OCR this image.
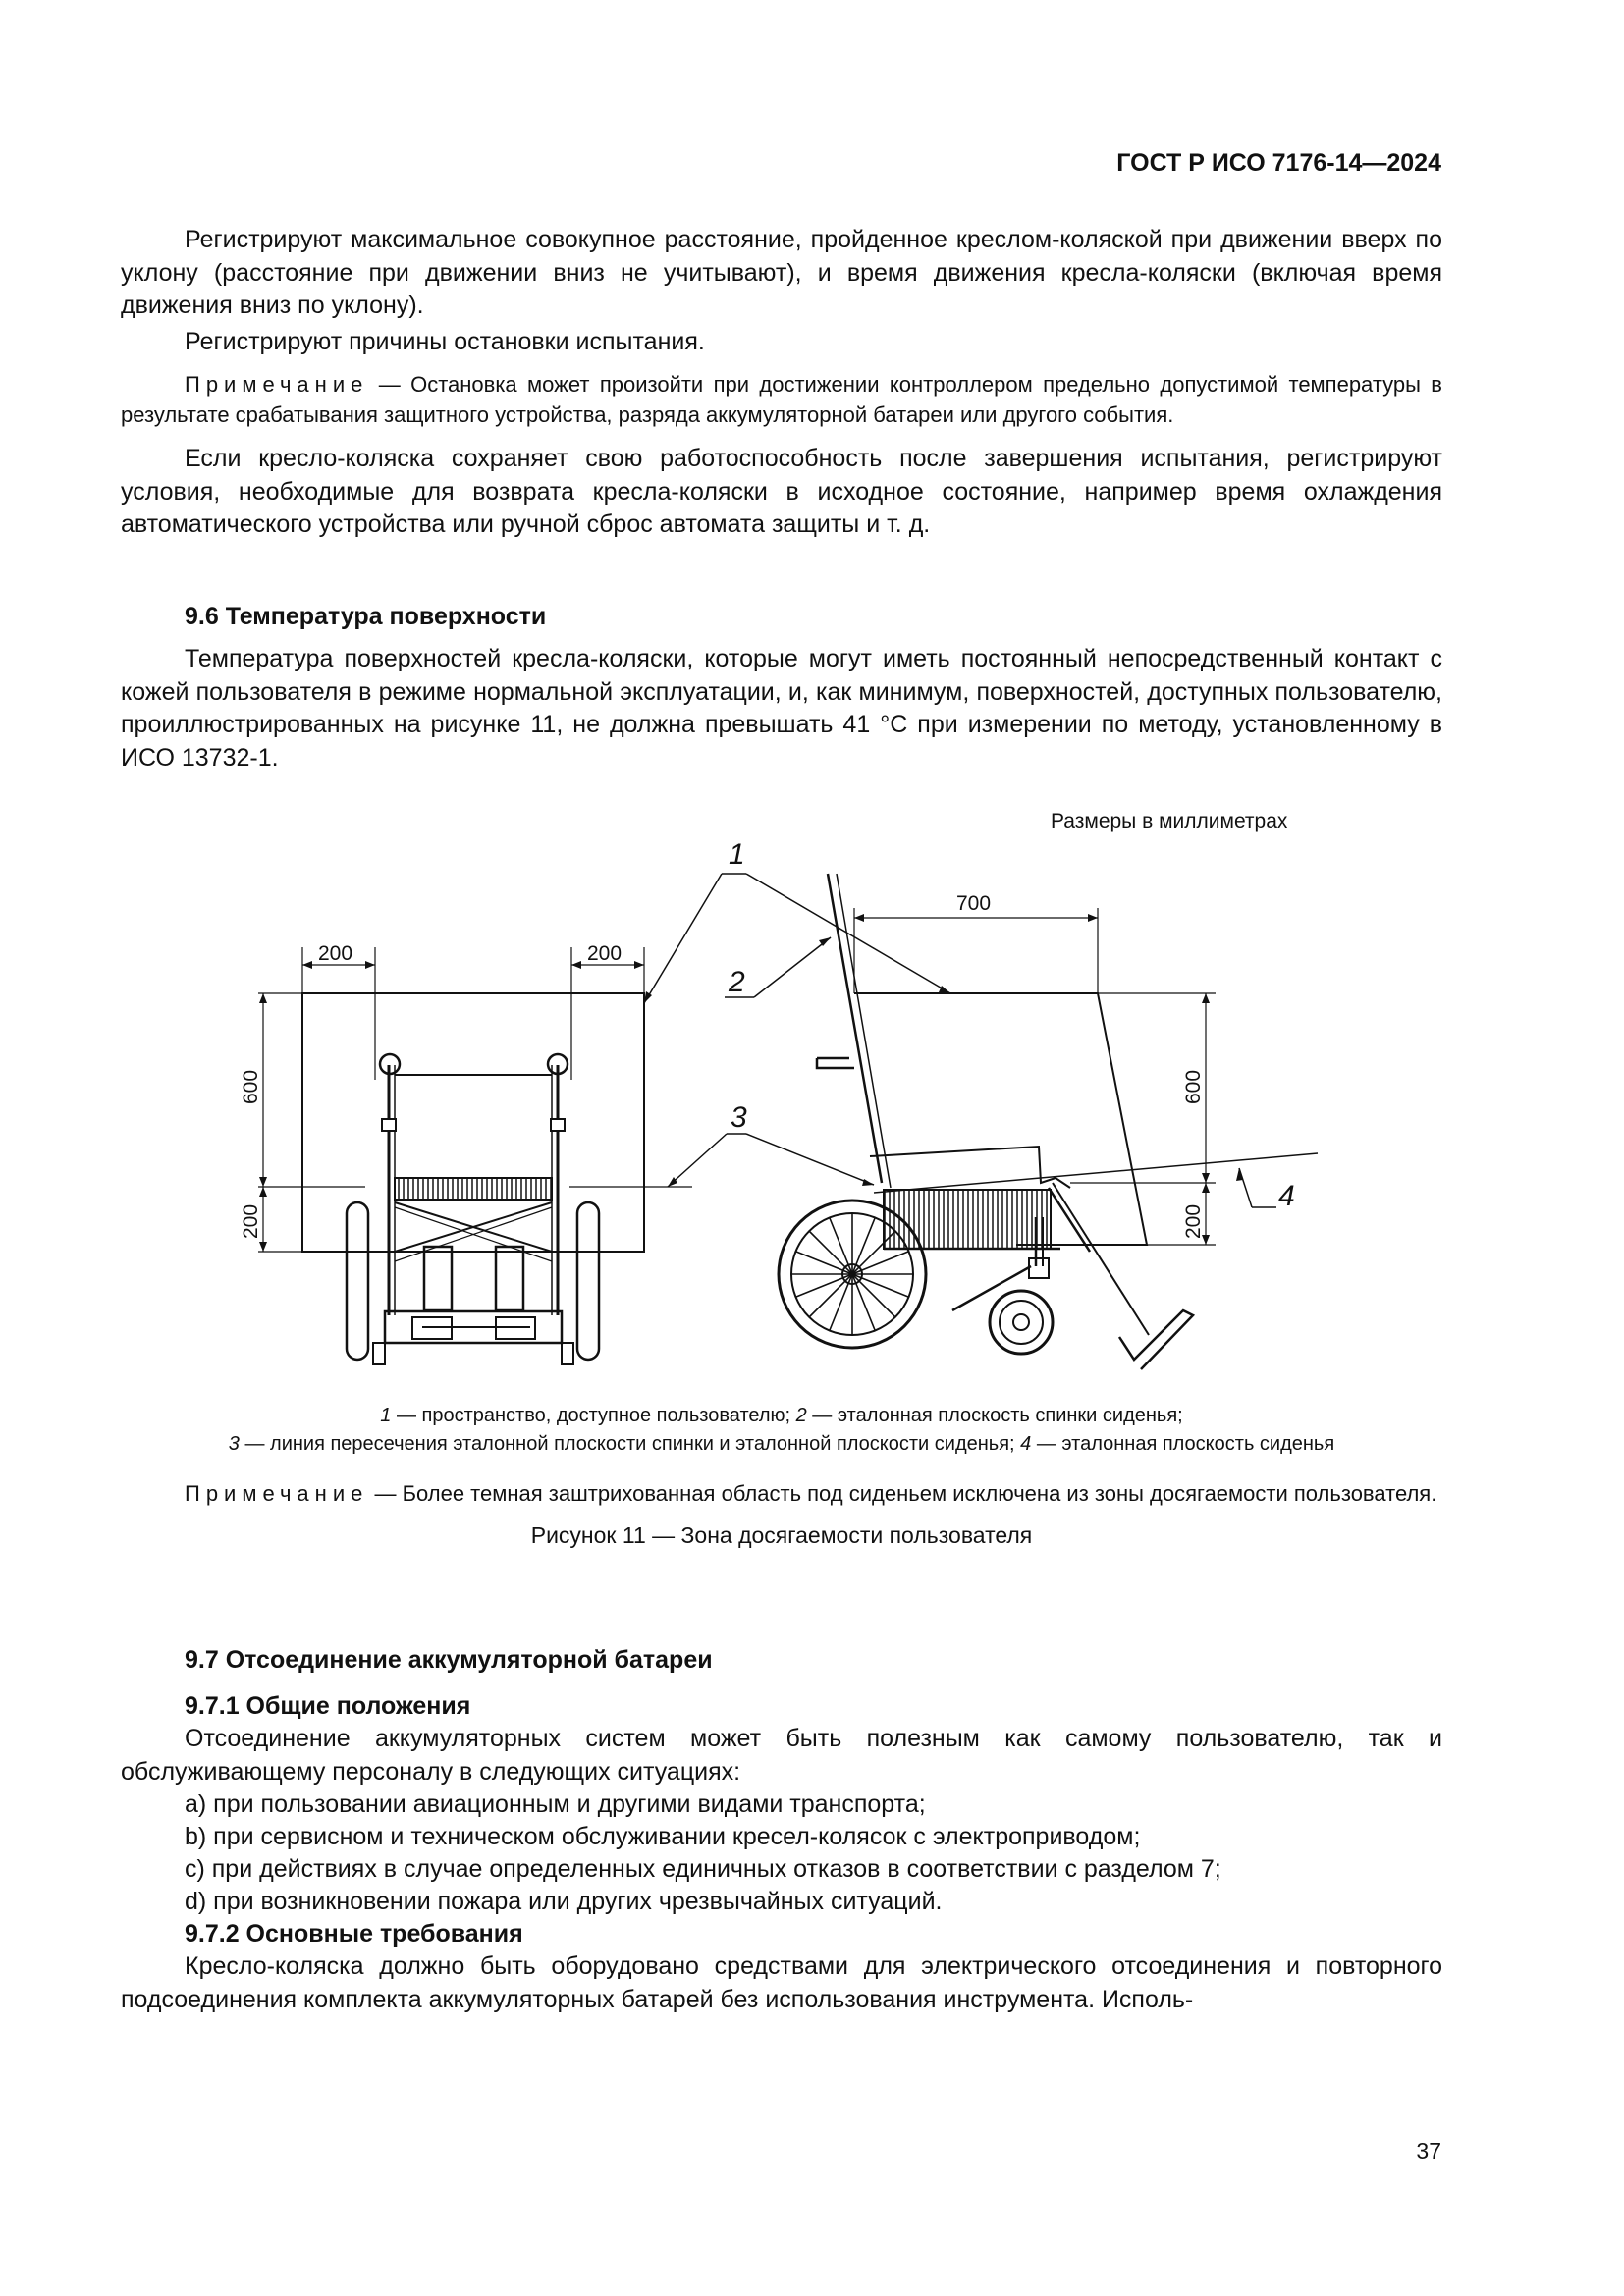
ГОСТ Р ИСО 7176-14—2024

Регистрируют максимальное совокупное расстояние, пройденное креслом-коляской при движении вверх по уклону (расстояние при движении вниз не учитывают), и время движения кресла-коляски (включая время движения вниз по уклону).

Регистрируют причины остановки испытания.

Примечание — Остановка может произойти при достижении контроллером предельно допустимой температуры в результате срабатывания защитного устройства, разряда аккумуляторной батареи или другого события.

Если кресло-коляска сохраняет свою работоспособность после завершения испытания, регистрируют условия, необходимые для возврата кресла-коляски в исходное состояние, например время охлаждения автоматического устройства или ручной сброс автомата защиты и т. д.

9.6 Температура поверхности

Температура поверхностей кресла-коляски, которые могут иметь постоянный непосредственный контакт с кожей пользователя в режиме нормальной эксплуатации, и, как минимум, поверхностей, доступных пользователю, проиллюстрированных на рисунке 11, не должна превышать 41 °С при измерении по методу, установленному в ИСО 13732-1.

Размеры в миллиметрах
200	200
600
200
700
600
200
1
2
3
4

1 — пространство, доступное пользователю; 2 — эталонная плоскость спинки сиденья;

3 — линия пересечения эталонной плоскости спинки и эталонной плоскости сиденья; 4 — эталонная плоскость сиденья

Примечание — Более темная заштрихованная область под сиденьем исключена из зоны досягаемости пользователя.

Рисунок 11 — Зона досягаемости пользователя

9.7 Отсоединение аккумуляторной батареи

9.7.1 Общие положения

Отсоединение аккумуляторных систем может быть полезным как самому пользователю, так и обслуживающему персоналу в следующих ситуациях:

a) при пользовании авиационным и другими видами транспорта;

b) при сервисном и техническом обслуживании кресел-колясок с электроприводом;

c) при действиях в случае определенных единичных отказов в соответствии с разделом 7;

d) при возникновении пожара или других чрезвычайных ситуаций.

9.7.2 Основные требования

Кресло-коляска должно быть оборудовано средствами для электрического отсоединения и повторного подсоединения комплекта аккумуляторных батарей без использования инструмента. Исполь-

37
